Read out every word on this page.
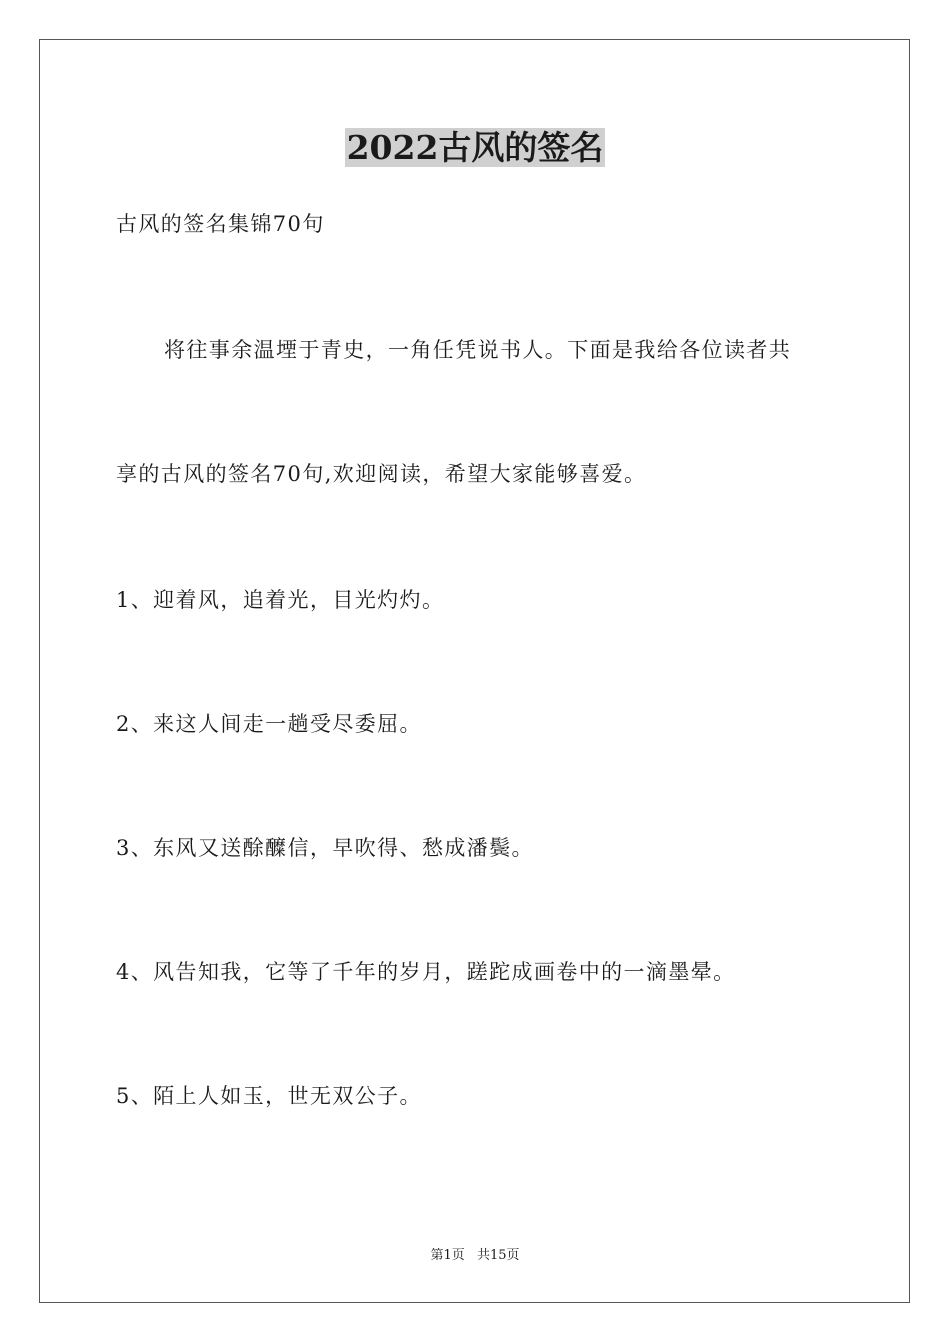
2022古风的签名
古风的签名集锦70句
将往事余温堙于青史，一角任凭说书人。下面是我给各位读者共
享的古风的签名70句,欢迎阅读，希望大家能够喜爱。
1、迎着风，追着光，目光灼灼。
2、来这人间走一趟受尽委屈。
3、东风又送酴醾信，早吹得、愁成潘鬓。
4、风告知我，它等了千年的岁月，蹉跎成画卷中的一滴墨晕。
5、陌上人如玉，世无双公子。
第1页 共15页
